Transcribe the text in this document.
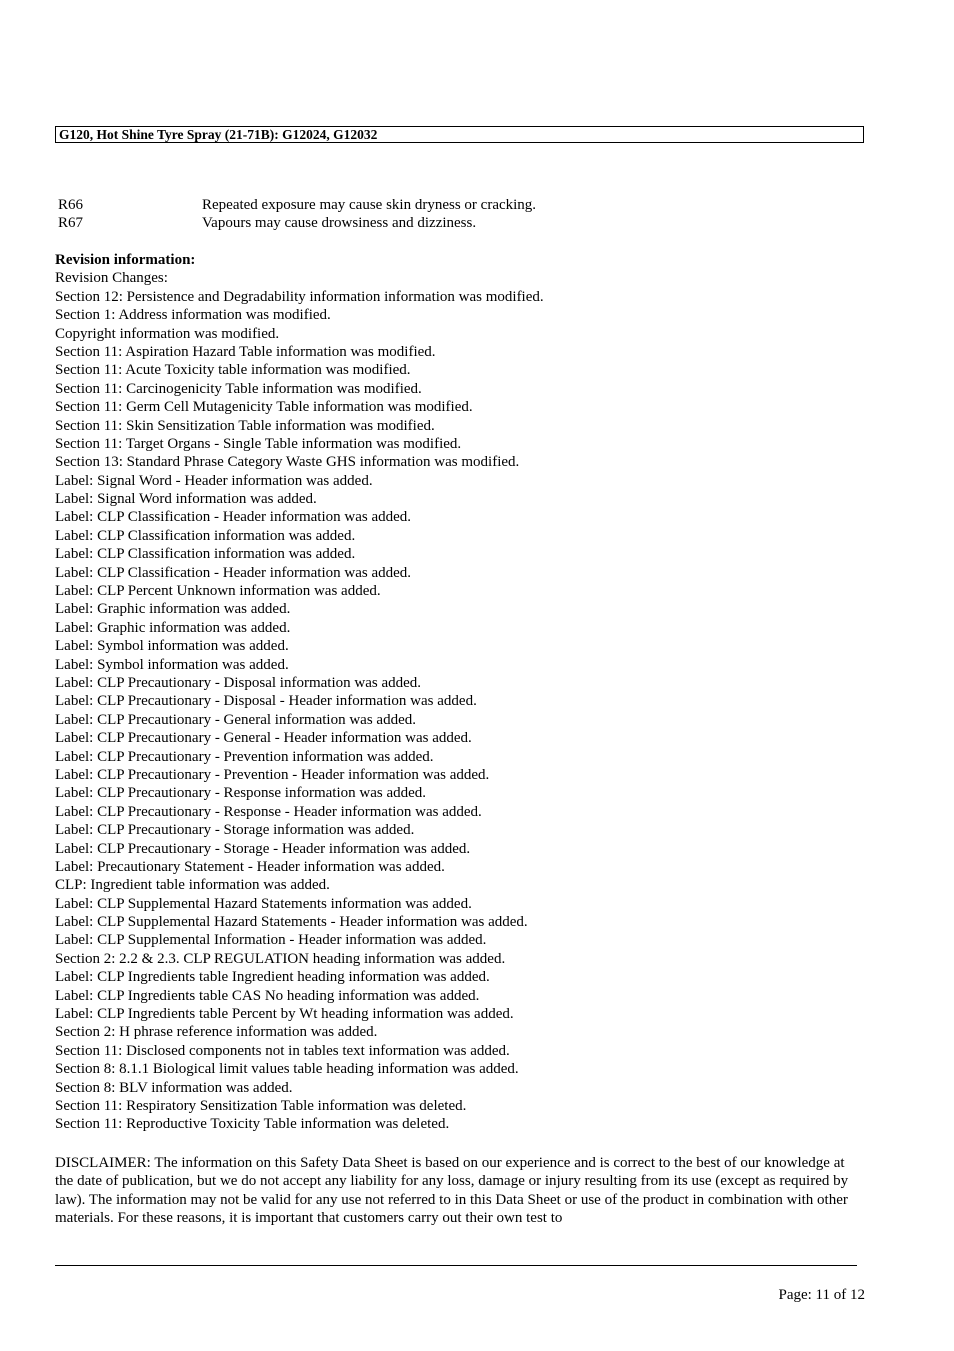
G120, Hot Shine Tyre Spray (21-71B): G12024, G12032
R66	Repeated exposure may cause skin dryness or cracking.
R67	Vapours may cause drowsiness and dizziness.
Revision information:
Revision Changes:
Section 12: Persistence and Degradability information information was modified.
Section 1: Address information was modified.
Copyright information was modified.
Section 11: Aspiration Hazard Table information was modified.
Section 11: Acute Toxicity table information was modified.
Section 11: Carcinogenicity Table information was modified.
Section 11: Germ Cell Mutagenicity Table information was modified.
Section 11: Skin Sensitization Table information was modified.
Section 11: Target Organs - Single Table information was modified.
Section 13: Standard Phrase Category Waste GHS information was modified.
Label: Signal Word - Header information was added.
Label: Signal Word information was added.
Label: CLP Classification - Header information was added.
Label: CLP Classification information was added.
Label: CLP Classification information was added.
Label: CLP Classification - Header information was added.
Label: CLP Percent Unknown information was added.
Label: Graphic information was added.
Label: Graphic information was added.
Label: Symbol information was added.
Label: Symbol information was added.
Label: CLP Precautionary - Disposal information was added.
Label: CLP Precautionary - Disposal - Header information was added.
Label: CLP Precautionary - General information was added.
Label: CLP Precautionary - General - Header information was added.
Label: CLP Precautionary - Prevention information was added.
Label: CLP Precautionary - Prevention - Header information was added.
Label: CLP Precautionary - Response information was added.
Label: CLP Precautionary - Response - Header information was added.
Label: CLP Precautionary - Storage information was added.
Label: CLP Precautionary - Storage - Header information was added.
Label: Precautionary Statement - Header information was added.
CLP: Ingredient table information was added.
Label: CLP Supplemental Hazard Statements information was added.
Label: CLP Supplemental Hazard Statements - Header information was added.
Label: CLP Supplemental Information - Header information was added.
Section 2: 2.2 & 2.3. CLP REGULATION heading information was added.
Label: CLP Ingredients table Ingredient heading information was added.
Label: CLP Ingredients table CAS No heading information was added.
Label: CLP Ingredients table Percent by Wt heading information was added.
Section 2: H phrase reference information was added.
Section 11: Disclosed components not in tables text information was added.
Section 8: 8.1.1 Biological limit values table heading information was added.
Section 8: BLV information was added.
Section 11: Respiratory Sensitization Table information was deleted.
Section 11: Reproductive Toxicity Table information was deleted.
DISCLAIMER: The information on this Safety Data Sheet is based on our experience and is correct to the best of our knowledge at the date of publication, but we do not accept any liability for any loss, damage or injury resulting from its use (except as required by law). The information may not be valid for any use not referred to in this Data Sheet or use of the product in combination with other materials. For these reasons, it is important that customers carry out their own test to
Page: 11 of 12
